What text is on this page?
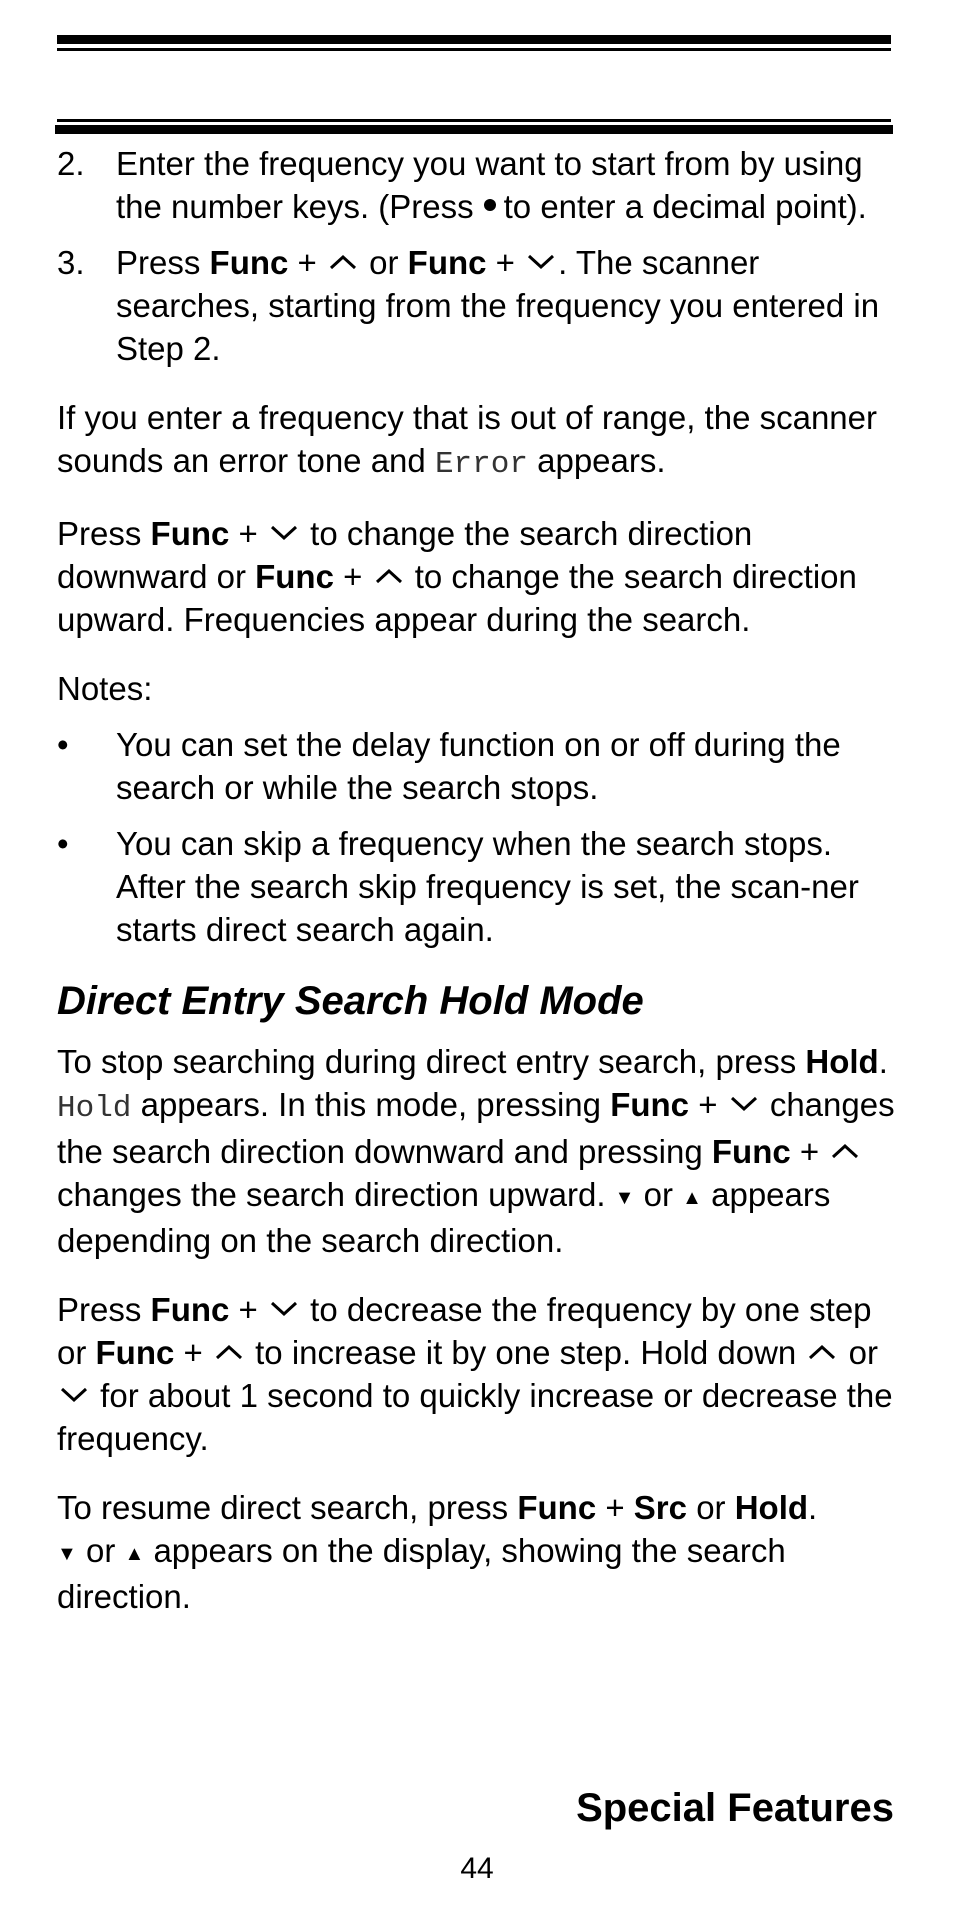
2. Enter the frequency you want to start from by using the number keys. (Press to enter a decimal point).

3. Press Func + or Func + . The scanner searches, starting from the frequency you entered in Step 2.

If you enter a frequency that is out of range, the scanner sounds an error tone and Error appears.

Press Func + to change the search direction downward or Func + to change the search direction upward. Frequencies appear during the search.

Notes:

• You can set the delay function on or off during the search or while the search stops.

• You can skip a frequency when the search stops. After the search skip frequency is set, the scan-ner starts direct search again.

Direct Entry Search Hold Mode

To stop searching during direct entry search, press Hold. Hold appears. In this mode, pressing Func + changes the search direction downward and pressing Func +
changes the search direction upward. ▼ or ▲ appears depending on the search direction.

Press Func + to decrease the frequency by one step or Func + to increase it by one step. Hold down or
for about 1 second to quickly increase or decrease the frequency.

To resume direct search, press Func + Src or Hold.
▼ or ▲ appears on the display, showing the search direction.

Special Features
44
